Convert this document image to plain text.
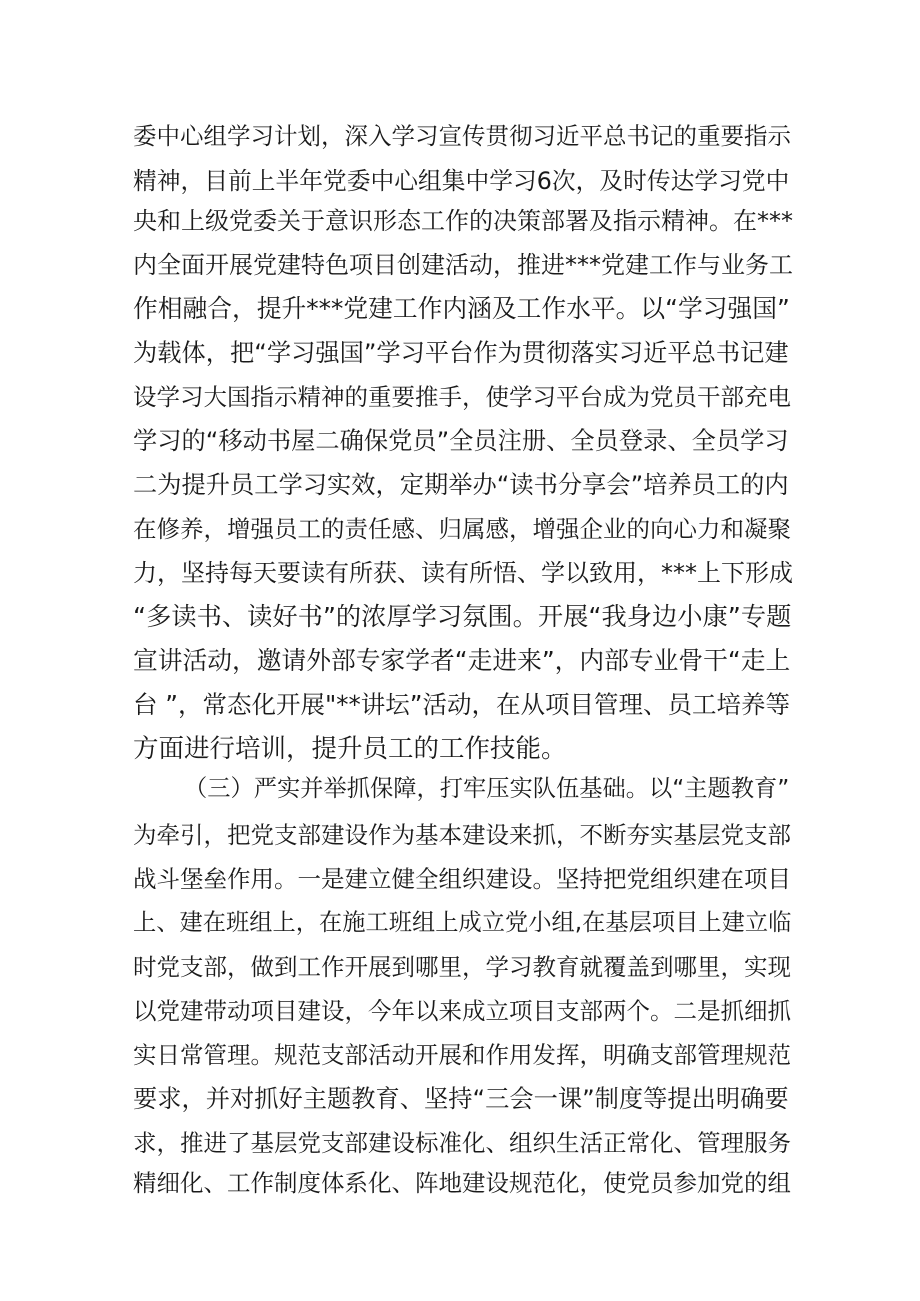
委中心组学习计划，深入学习宣传贯彻习近平总书记的重要指示
精神，目前上半年党委中心组集中学习6次，及时传达学习党中
央和上级党委关于意识形态工作的决策部署及指示精神。在***
内全面开展党建特色项目创建活动，推进***党建工作与业务工
作相融合，提升***党建工作内涵及工作水平。以“学习强国”
为载体，把“学习强国”学习平台作为贯彻落实习近平总书记建
设学习大国指示精神的重要推手，使学习平台成为党员干部充电
学习的“移动书屋二确保党员”全员注册、全员登录、全员学习
二为提升员工学习实效，定期举办“读书分享会”培养员工的内
在修养，增强员工的责任感、归属感，增强企业的向心力和凝聚
力，坚持每天要读有所获、读有所悟、学以致用，***上下形成
“多读书、读好书”的浓厚学习氛围。开展“我身边小康”专题
宣讲活动，邀请外部专家学者“走进来”，内部专业骨干“走上
台 ”，常态化开展"**讲坛”活动，在从项目管理、员工培养等
方面进行培训，提升员工的工作技能。
（三）严实并举抓保障，打牢压实队伍基础。以“主题教育”
为牵引，把党支部建设作为基本建设来抓，不断夯实基层党支部
战斗堡垒作用。一是建立健全组织建设。坚持把党组织建在项目
上、建在班组上，在施工班组上成立党小组,在基层项目上建立临
时党支部，做到工作开展到哪里，学习教育就覆盖到哪里，实现
以党建带动项目建设，今年以来成立项目支部两个。二是抓细抓
实日常管理。规范支部活动开展和作用发挥，明确支部管理规范
要求，并对抓好主题教育、坚持“三会一课”制度等提出明确要
求，推进了基层党支部建设标准化、组织生活正常化、管理服务
精细化、工作制度体系化、阵地建设规范化，使党员参加党的组
